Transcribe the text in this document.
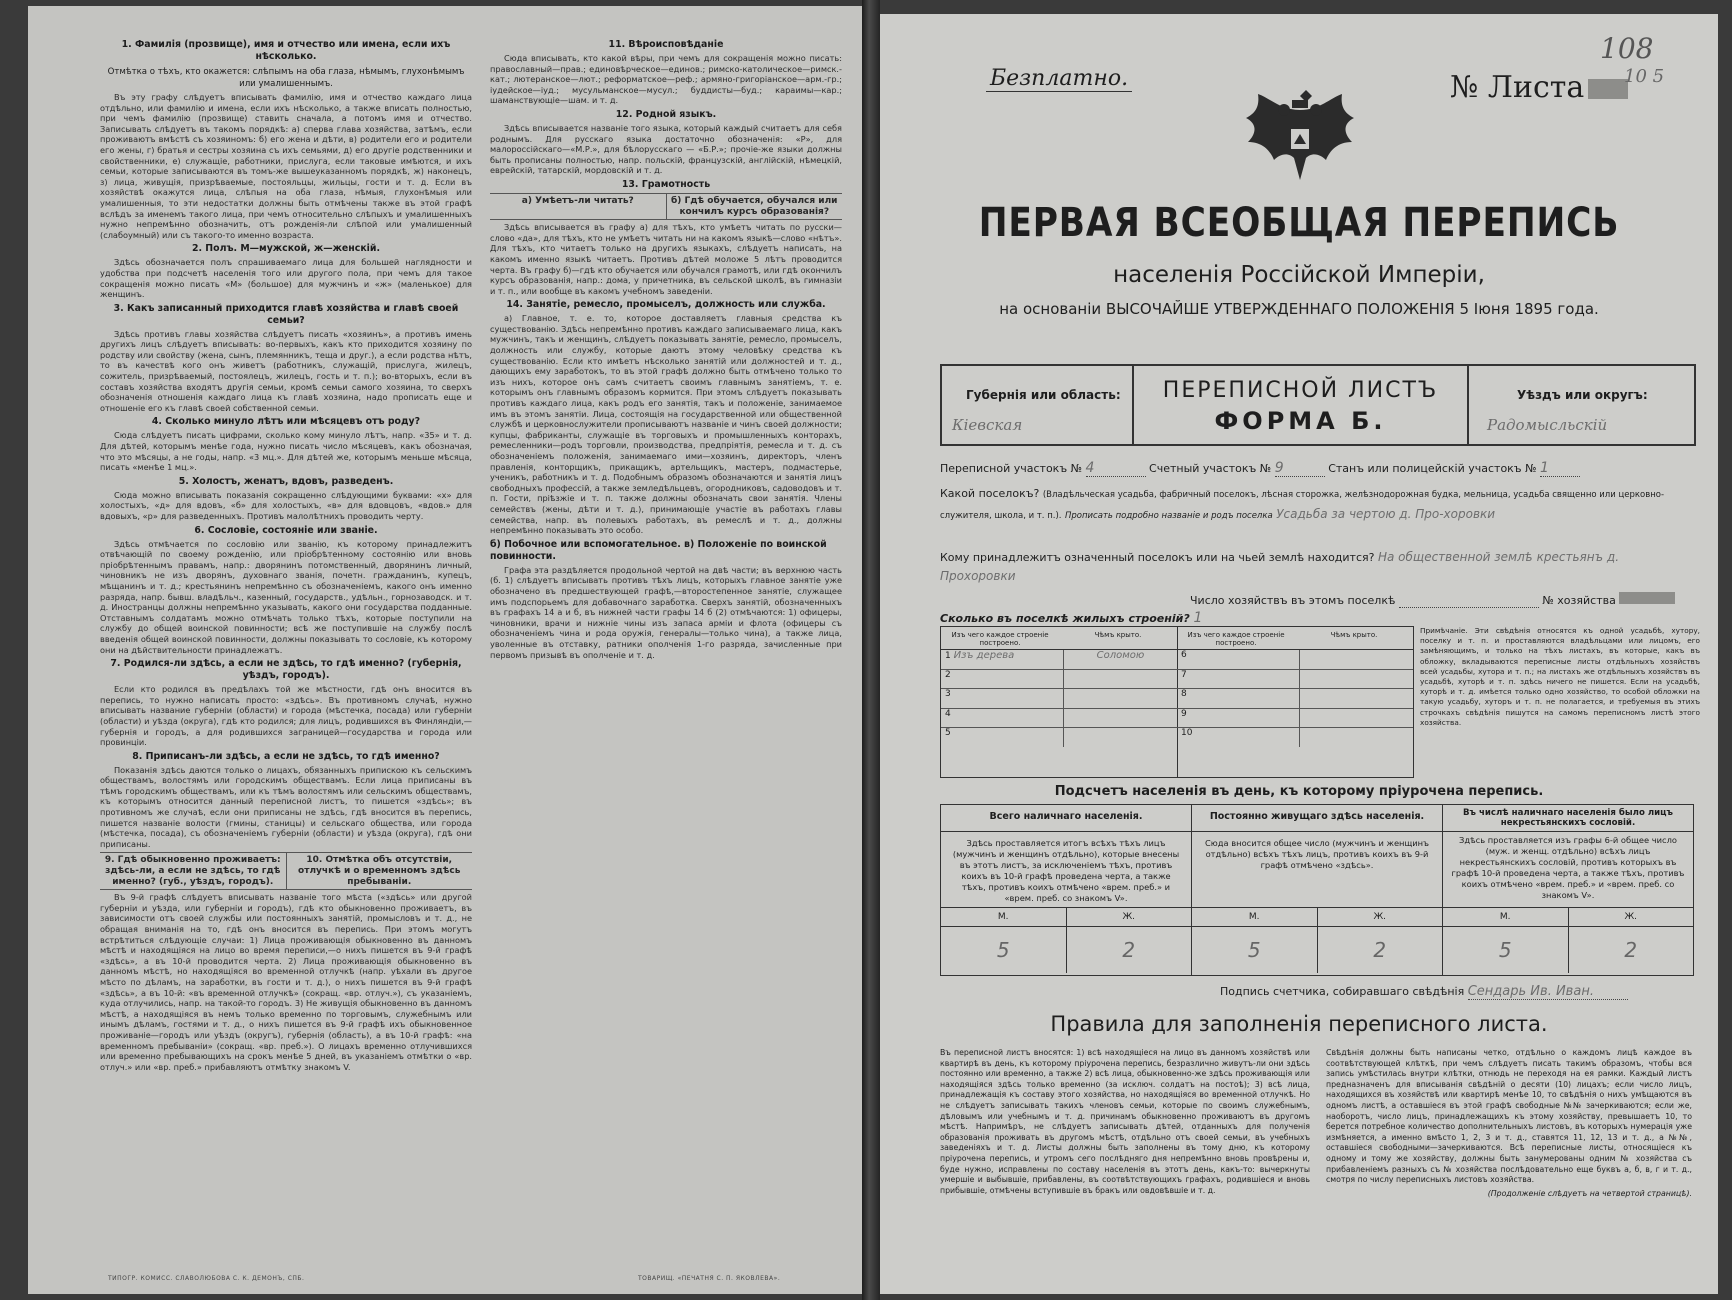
1. Фамилія (прозвище), имя и отчество или имена, если ихъ нѣсколько.
Отмѣтка о тѣхъ, кто окажется: слѣпымъ на оба глаза, нѣмымъ, глухонѣмымъ или умалишеннымъ.

Въ эту графу слѣдуетъ вписывать фамилію, имя и отчество каждаго лица отдѣльно, или фамилію и имена, если ихъ нѣсколько, а также вписать полностью, при чемъ фамилію (прозвище) ставить сначала, а потомъ имя и отчество. Записывать слѣдуетъ въ такомъ порядкѣ: а) сперва глава хозяйства, затѣмъ, если проживаютъ вмѣстѣ съ хозяиномъ: б) его жена и дѣти, в) родители его и родители его жены, г) братья и сестры хозяина съ ихъ семьями, д) его другіе родственники и свойственники, е) служащіе, работники, прислуга, если таковые имѣются, и ихъ семьи, которые записываются въ томъ-же вышеуказанномъ порядкѣ, ж) наконецъ, з) лица, живущія, призрѣваемые, постояльцы, жильцы, гости и т. д. Если въ хозяйствѣ окажутся лица, слѣпыя на оба глаза, нѣмыя, глухонѣмыя или умалишенныя, то эти недостатки должны быть отмѣчены также въ этой графѣ вслѣдъ за именемъ такого лица, при чемъ относительно слѣпыхъ и умалишенныхъ нужно непремѣнно обозначить, отъ рожденія-ли слѣпой или умалишенный (слабоумный) или съ такого-то именно возраста.

2. Полъ. М—мужской, ж—женскій.

Здѣсь обозначается полъ спрашиваемаго лица для большей наглядности и удобства при подсчетѣ населенія того или другого пола, при чемъ для такое сокращенія можно писать «М» (большое) для мужчинъ и «ж» (маленькое) для женщинъ.

3. Какъ записанный приходится главѣ хозяйства и главѣ своей семьи?

Здѣсь противъ главы хозяйства слѣдуетъ писать «хозяинъ», а противъ имень другихъ лицъ слѣдуетъ вписывать: во-первыхъ, какъ кто приходится хозяину по родству или свойству (жена, сынъ, племянникъ, теща и друг.), а если родства нѣтъ, то въ качествѣ кого онъ живетъ (работникъ, служащій, прислуга, жилецъ, сожитель, призрѣваемый, постоялецъ, жилецъ, гость и т. п.); во-вторыхъ, если въ составъ хозяйства входятъ другія семьи, кромѣ семьи самого хозяина, то сверхъ обозначенія отношенія каждаго лица къ главѣ хозяина, надо прописать еще и отношеніе его къ главѣ своей собственной семьи.

4. Сколько минуло лѣтъ или мѣсяцевъ отъ роду?

Сюда слѣдуетъ писать цифрами, сколько кому минуло лѣтъ, напр. «35» и т. д. Для дѣтей, которымъ менѣе года, нужно писать число мѣсяцевъ, какъ обозначая, что это мѣсяцы, а не годы, напр. «3 мц.». Для дѣтей же, которымъ меньше мѣсяца, писать «менѣе 1 мц.».

5. Холостъ, женатъ, вдовъ, разведенъ.

Сюда можно вписывать показанія сокращенно слѣдующими буквами: «х» для холостыхъ, «д» для вдовъ, «б» для холостыхъ, «в» для вдовцовъ, «вдов.» для вдовыхъ, «р» для разведенныхъ. Противъ малолѣтнихъ проводить черту.

6. Сословіе, состояніе или званіе.

Здѣсь отмѣчается по сословію или званію, къ которому принадлежитъ отвѣчающій по своему рожденію, или пріобрѣтенному состоянію или вновь пріобрѣтеннымъ правамъ, напр.: дворянинъ потомственный, дворянинъ личный, чиновникъ не изъ дворянъ, духовнаго званія, почетн. гражданинъ, купецъ, мѣщанинъ и т. д.; крестьянинъ непремѣнно съ обозначеніемъ, какого онъ именно разряда, напр. бывш. владѣльч., казенный, государств., удѣльн., горнозаводск. и т. д. Иностранцы должны непремѣнно указывать, какого они государства подданные. Отставнымъ солдатамъ можно отмѣчать только тѣхъ, которые поступили на службу до общей воинской повинности; всѣ же поступившіе на службу послѣ введенія общей воинской повинности, должны показывать то сословіе, къ которому они на дѣйствительности принадлежатъ.

7. Родился-ли здѣсь, а если не здѣсь, то гдѣ именно? (губернія, уѣздъ, городъ).

Если кто родился въ предѣлахъ той же мѣстности, гдѣ онъ вносится въ перепись, то нужно написать просто: «здѣсь». Въ противномъ случаѣ, нужно вписывать название губерніи (области) и города (мѣстечка, посада) или губерніи (области) и уѣзда (округа), гдѣ кто родился; для лицъ, родившихся въ Финляндіи,—губернія и городъ, а для родившихся заграницей—государства и города или провинціи.

8. Приписанъ-ли здѣсь, а если не здѣсь, то гдѣ именно?

Показанія здѣсь даются только о лицахъ, обязанныхъ припискою къ сельскимъ обществамъ, волостямъ или городскимъ обществамъ. Если лица приписаны въ тѣмъ городскимъ обществамъ, или къ тѣмъ волостямъ или сельскимъ обществамъ, къ которымъ относится данный переписной листъ, то пишется «здѣсь»; въ противномъ же случаѣ, если они приписаны не здѣсь, гдѣ вносится въ перепись, пишется названіе волости (гмины, станицы) и сельскаго общества, или города (мѣстечка, посада), съ обозначеніемъ губерніи (области) и уѣзда (округа), гдѣ они приписаны.

9. Гдѣ обыкновенно проживаетъ: здѣсь-ли, а если не здѣсь, то гдѣ именно? (губ., уѣздъ, городъ).
10. Отмѣтка объ отсутствіи, отлучкѣ и о временномъ здѣсь пребываніи.

Въ 9-й графѣ слѣдуетъ вписывать названіе того мѣста («здѣсь» или другой губерніи и уѣзда, или губерніи и городъ), гдѣ кто обыкновенно проживаетъ, въ зависимости отъ своей службы или постоянныхъ занятій, промысловъ и т. д., не обращая вниманія на то, гдѣ онъ вносится въ перепись. При этомъ могутъ встрѣтиться слѣдующіе случаи: 1) Лица проживающія обыкновенно въ данномъ мѣстѣ и находящіяся на лицо во время переписи,—о нихъ пишется въ 9-й графѣ «здѣсь», а въ 10-й проводится черта. 2) Лица проживающія обыкновенно въ данномъ мѣстѣ, но находящіяся во временной отлучкѣ (напр. уѣхали въ другое мѣсто по дѣламъ, на заработки, въ гости и т. д.), о нихъ пишется въ 9-й графѣ «здѣсь», а въ 10-й: «въ временной отлучкѣ» (сокращ. «вр. отлуч.»), съ указаніемъ, куда отлучились, напр. на такой-то городъ. 3) Не живущія обыкновенно въ данномъ мѣстѣ, а находящіяся въ немъ только временно по торговымъ, служебнымъ или инымъ дѣламъ, гостями и т. д., о нихъ пишется въ 9-й графѣ ихъ обыкновенное проживаніе—городъ или уѣздъ (округъ), губернія (область), а въ 10-й графѣ: «на временномъ пребываніи» (сокращ. «вр. преб.»). О лицахъ временно отлучившихся или временно пребывающихъ на срокъ менѣе 5 дней, въ указаніемъ отмѣтки о «вр. отлуч.» или «вр. преб.» прибавляютъ отмѣтку знакомъ V.

ТИПОГР. КОМИСС. СЛАВОЛЮБОВА С. К. ДЕМОНЪ, СПБ.
11. Вѣроисповѣданіе

Сюда вписывать, кто какой вѣры, при чемъ для сокращенія можно писать: православный—прав.; единовѣрческое—единов.; римско-католическое—римск.-кат.; лютеранское—лют.; реформатское—реф.; армяно-григоріанское—арм.-гр.; іудейское—іуд.; мусульманское—мусул.; буддисты—буд.; караимы—кар.; шаманствующіе—шам. и т. д.

12. Родной языкъ.

Здѣсь вписывается названіе того языка, который каждый считаетъ для себя роднымъ. Для русскаго языка достаточно обозначенія: «Р», для малороссійскаго—«М.Р.», для бѣлорусскаго — «Б.Р.»; прочіе-же языки должны быть прописаны полностью, напр. польскій, французскій, англійскій, нѣмецкій, еврейскій, татарскій, мордовскій и т. д.

13. Грамотность
а) Умѣетъ-ли читать?	б) Гдѣ обучается, обучался или кончилъ курсъ образованія?

Здѣсь вписывается въ графу а) для тѣхъ, кто умѣетъ читать по русски—слово «да», для тѣхъ, кто не умѣетъ читать ни на какомъ языкѣ—слово «нѣтъ». Для тѣхъ, кто читаетъ только на другихъ языкахъ, слѣдуетъ написать, на какомъ именно языкѣ читаетъ. Противъ дѣтей моложе 5 лѣтъ проводится черта. Въ графу б)—гдѣ кто обучается или обучался грамотѣ, или гдѣ окончилъ курсъ образованія, напр.: дома, у причетника, въ сельской школѣ, въ гимназіи и т. п., или вообще въ какомъ учебномъ заведеніи.

14. Занятіе, ремесло, промыселъ, должность или служба.

а) Главное, т. е. то, которое доставляетъ главныя средства къ существованію. Здѣсь непремѣнно противъ каждаго записываемаго лица, какъ мужчинъ, такъ и женщинъ, слѣдуетъ показывать занятіе, ремесло, промыселъ, должность или службу, которые даютъ этому человѣку средства къ существованію. Если кто имѣетъ нѣсколько занятій или должностей и т. д., дающихъ ему заработокъ, то въ этой графѣ должно быть отмѣчено только то изъ нихъ, которое онъ самъ считаетъ своимъ главнымъ занятіемъ, т. е. которымъ онъ главнымъ образомъ кормится. При этомъ слѣдуетъ показывать противъ каждаго лица, какъ родъ его занятія, такъ и положеніе, занимаемое имъ въ этомъ занятіи. Лица, состоящія на государственной или общественной службѣ и церковнослужители прописываютъ названіе и чинъ своей должности; купцы, фабриканты, служащіе въ торговыхъ и промышленныхъ конторахъ, ремесленники—родъ торговли, производства, предпріятія, ремесла и т. д. съ обозначеніемъ положенія, занимаемаго ими—хозяинъ, директоръ, членъ правленія, конторщикъ, прикащикъ, артельщикъ, мастеръ, подмастерье, ученикъ, работникъ и т. д. Подобнымъ образомъ обозначаются и занятія лицъ свободныхъ профессій, а также земледѣльцевъ, огородниковъ, садоводовъ и т. п. Гости, пріѣзжіе и т. п. также должны обозначать свои занятія. Члены семействъ (жены, дѣти и т. д.), принимающіе участіе въ работахъ главы семейства, напр. въ полевыхъ работахъ, въ ремеслѣ и т. д., должны непремѣнно показывать это особо.

б) Побочное или вспомогательное. в) Положеніе по воинской повинности.

Графа эта раздѣляется продольной чертой на двѣ части; въ верхнюю часть (б. 1) слѣдуетъ вписывать противъ тѣхъ лицъ, которыхъ главное занятіе уже обозначено въ предшествующей графѣ,—второстепенное занятіе, служащее имъ подспорьемъ для добавочнаго заработка. Сверхъ занятій, обозначенныхъ въ графахъ 14 а и б, въ нижней части графы 14 б (2) отмѣчаются: 1) офицеры, чиновники, врачи и нижніе чины изъ запаса арміи и флота (офицеры съ обозначеніемъ чина и рода оружія, генералы—только чина), а также лица, уволенные въ отставку, ратники ополченія 1-го разряда, зачисленные при первомъ призывѣ въ ополченіе и т. д.

ТОВАРИЩ. «ПЕЧАТНЯ С. П. ЯКОВЛЕВА».
Безплатно.	№ Листа
108
10 5
ПЕРВАЯ ВСЕОБЩАЯ ПЕРЕПИСЬ
населенія Россійской Имперіи,
на основаніи ВЫСОЧАЙШЕ УТВЕРЖДЕННАГО ПОЛОЖЕНІЯ 5 Іюня 1895 года.
Губернія или область:
Кіевская
ПЕРЕПИСНОЙ ЛИСТЪ
ФОРМА Б.
Уѣздъ или округъ:
Радомысльскій
Переписной участокъ № 4	Счетный участокъ № 9	Станъ или полицейскій участокъ № 1
Какой поселокъ? (Владѣльческая усадьба, фабричный поселокъ, лѣсная сторожка, желѣзнодорожная будка, мельница, усадьба священно или церковно-служителя, школа, и т. п.). Прописать подробно названіе и родъ поселка Усадьба за чертою д. Про-хоровки
Кому принадлежитъ означенный поселокъ или на чьей землѣ находится? На общественной землѣ крестьянъ д. Прохоровки
Число хозяйствъ въ этомъ поселкѣ	№ хозяйства
Сколько въ поселкѣ жилыхъ строеній? 1
Изъ чего каждое строеніе построено.
Чѣмъ крыто.
1 Изъ дерева	Соломою
2
3
4
5
Изъ чего каждое строеніе построено.
Чѣмъ крыто.
6
7
8
9
10
Примѣчаніе. Эти свѣдѣнія относятся къ одной усадьбѣ, хутору, поселку и т. п. и проставляются владѣльцами или лицомъ, его замѣняющимъ, и только на тѣхъ листахъ, въ которые, какъ въ обложку, вкладываются переписные листы отдѣльныхъ хозяйствъ всей усадьбы, хутора и т. п.; на листахъ же отдѣльныхъ хозяйствъ въ усадьбѣ, хуторѣ и т. п. здѣсь ничего не пишется. Если на усадьбѣ, хуторѣ и т. д. имѣется только одно хозяйство, то особой обложки на такую усадьбу, хуторъ и т. п. не полагается, и требуемыя въ этихъ строчкахъ свѣдѣнія пишутся на самомъ переписномъ листѣ этого хозяйства.
Подсчетъ населенія въ день, къ которому пріурочена перепись.
Всего наличнаго населенія.
Здѣсь проставляется итогъ всѣхъ тѣхъ лицъ (мужчинъ и женщинъ отдѣльно), которые внесены въ этотъ листъ, за исключеніемъ тѣхъ, противъ коихъ въ 10-й графѣ проведена черта, а также тѣхъ, противъ коихъ отмѣчено «врем. преб.» и «врем. преб. со знакомъ V».
М.	Ж.
5	2
Постоянно живущаго здѣсь населенія.
Сюда вносится общее число (мужчинъ и женщинъ отдѣльно) всѣхъ тѣхъ лицъ, противъ коихъ въ 9-й графѣ отмѣчено «здѣсь».
М.	Ж.
5	2
Въ числѣ наличнаго населенія было лицъ некрестьянскихъ сословій.
Здѣсь проставляется изъ графы 6-й общее число (муж. и женщ. отдѣльно) всѣхъ лицъ некрестьянскихъ сословій, противъ которыхъ въ графѣ 10-й проведена черта, а также тѣхъ, противъ коихъ отмѣчено «врем. преб.» и «врем. преб. со знакомъ V».
М.	Ж.
5	2
Подпись счетчика, собиравшаго свѣдѣнія Сендарь Ив. Иван.
Правила для заполненія переписного листа.
Въ переписной листъ вносятся: 1) всѣ находящіеся на лицо въ данномъ хозяйствѣ или квартирѣ въ день, къ которому пріурочена перепись, безразлично живутъ-ли они здѣсь постоянно или временно, а также 2) всѣ лица, обыкновенно-же здѣсь проживающія или находящіяся здѣсь только временно (за исключ. солдатъ на постоѣ); 3) всѣ лица, принадлежащія къ составу этого хозяйства, но находящіяся во временной отлучкѣ. Но не слѣдуетъ записывать такихъ членовъ семьи, которые по своимъ служебнымъ, дѣловымъ или учебнымъ и т. д. причинамъ обыкновенно проживаютъ въ другомъ мѣстѣ. Напримѣръ, не слѣдуетъ записывать дѣтей, отданныхъ для полученія образованія проживать въ другомъ мѣстѣ, отдѣльно отъ своей семьи, въ учебныхъ заведеніяхъ и т. д. Листы должны быть заполнены въ тому дню, къ которому пріурочена перепись, и утромъ сего послѣдняго дня непремѣнно вновь провѣрены и, буде нужно, исправлены по составу населенія въ этотъ день, какъ-то: вычеркнуты умершіе и выбывшіе, прибавлены, въ соотвѣтствующихъ графахъ, родившіеся и вновь прибывшіе, отмѣчены вступившіе въ бракъ или овдовѣвшіе и т. д.
Свѣдѣнія должны быть написаны четко, отдѣльно о каждомъ лицѣ каждое въ соотвѣтствующей клѣткѣ, при чемъ слѣдуетъ писать такимъ образомъ, чтобы вся запись умѣстилась внутри клѣтки, отнюдь не переходя на ея рамки. Каждый листъ предназначенъ для вписыванія свѣдѣній о десяти (10) лицахъ; если число лицъ, находящихся въ хозяйствѣ или квартирѣ менѣе 10, то свѣдѣнія о нихъ умѣщаются въ одномъ листѣ, а оставшіеся въ этой графѣ свободные №№ зачеркиваются; если же, наоборотъ, число лицъ, принадлежащихъ къ этому хозяйству, превышаетъ 10, то берется потребное количество дополнительныхъ листовъ, въ которыхъ нумерація уже измѣняется, а именно вмѣсто 1, 2, 3 и т. д., ставятся 11, 12, 13 и т. д., а №№, оставшіеся свободными—зачеркиваются. Всѣ переписные листы, относящіеся къ одному и тому же хозяйству, должны быть занумерованы одним № хозяйства съ прибавленіемъ разныхъ съ № хозяйства послѣдовательно еще буквъ а, б, в, г и т. д., смотря по числу переписныхъ листовъ хозяйства.
(Продолженіе слѣдуетъ на четвертой страницѣ).
